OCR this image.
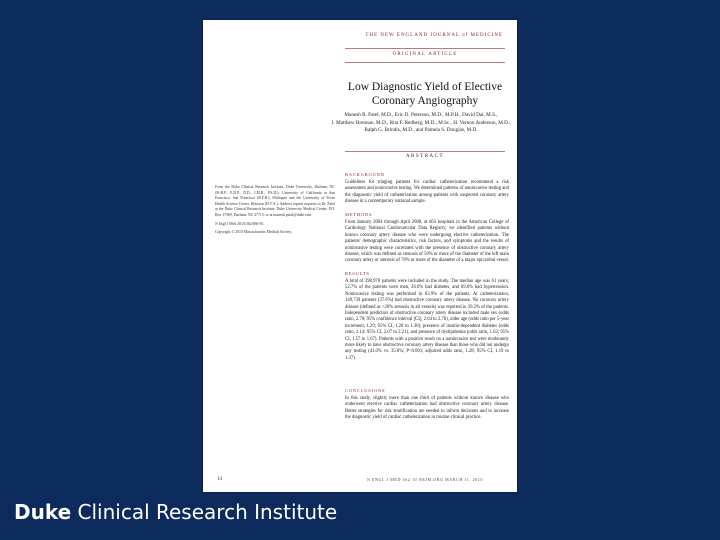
THE NEW ENGLAND JOURNAL of MEDICINE
ORIGINAL ARTICLE
Low Diagnostic Yield of Elective
Coronary Angiography
Manesh R. Patel, M.D., Eric D. Peterson, M.D., M.P.H., David Dai, M.S.,
J. Matthew Brennan, M.D., Rita F. Redberg, M.D., M.Sc., H. Vernon Anderson, M.D.,
Ralph G. Brindis, M.D., and Pamela S. Douglas, M.D.
ABSTRACT
BACKGROUND
Guidelines for triaging patients for cardiac catheterization recommend a risk assessment and noninvasive testing. We determined patterns of noninvasive testing and the diagnostic yield of catheterization among patients with suspected coronary artery disease in a contemporary national sample.
METHODS
From January 2004 through April 2008, at 663 hospitals in the American College of Cardiology National Cardiovascular Data Registry, we identified patients without known coronary artery disease who were undergoing elective catheterization. The patients' demographic characteristics, risk factors, and symptoms and the results of noninvasive testing were correlated with the presence of obstructive coronary artery disease, which was defined as stenosis of 50% or more of the diameter of the left main coronary artery or stenosis of 70% or more of the diameter of a major epicardial vessel.
RESULTS
A total of 398,978 patients were included in the study. The median age was 61 years; 52.7% of the patients were men, 26.0% had diabetes, and 69.6% had hypertension. Noninvasive testing was performed in 83.9% of the patients. At catheterization, 149,739 patients (37.6%) had obstructive coronary artery disease. No coronary artery disease (defined as <20% stenosis in all vessels) was reported in 39.2% of the patients. Independent predictors of obstructive coronary artery disease included male sex (odds ratio, 2.70; 95% confidence interval [CI], 2.64 to 2.76), older age (odds ratio per 5-year increment, 1.29; 95% CI, 1.28 to 1.30), presence of insulin-dependent diabetes (odds ratio, 2.14; 95% CI, 2.07 to 2.21), and presence of dyslipidemia (odds ratio, 1.62; 95% CI, 1.57 to 1.67). Patients with a positive result on a noninvasive test were moderately more likely to have obstructive coronary artery disease than those who did not undergo any testing (41.0% vs. 35.0%; P<0.001; adjusted odds ratio, 1.28; 95% CI, 1.19 to 1.37).
CONCLUSIONS
In this study, slightly more than one third of patients without known disease who underwent elective cardiac catheterization had obstructive coronary artery disease. Better strategies for risk stratification are needed to inform decisions and to increase the diagnostic yield of cardiac catheterization in routine clinical practice.

From the Duke Clinical Research Institute, Duke University, Durham, NC (M.R.P., E.D.P., D.D., J.M.B., P.S.D.); University of California at San Francisco, San Francisco (R.F.R.); Michigan and the University of Texas Health Science Center, Houston (H.V.A.). Address reprint requests to Dr. Patel at the Duke Clinical Research Institute, Duke University Medical Center, P.O. Box 17969, Durham, NC 27715, or at manesh.patel@duke.edu.

N Engl J Med 2010;362:886-95.

Copyright © 2010 Massachusetts Medical Society.

13	N ENGL J MED 362;10 NEJM.ORG MARCH 11, 2010
Duke Clinical Research Institute
